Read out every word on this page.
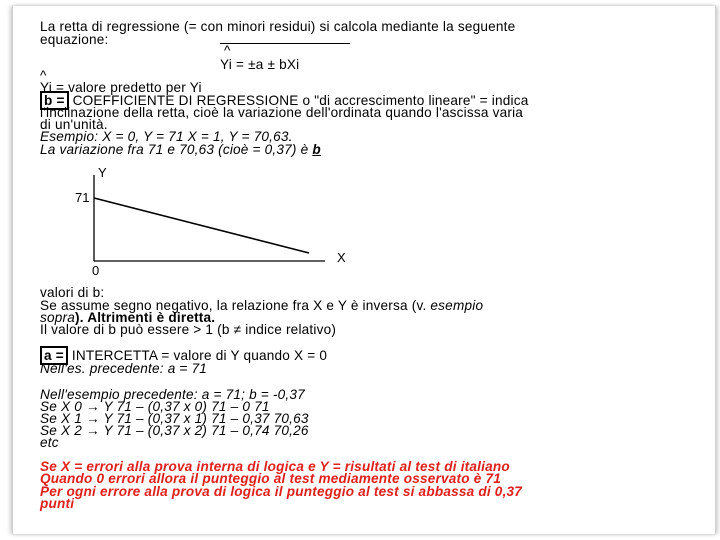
La retta di regressione (= con minori residui) si calcola mediante la seguente
equazione:
^
Yi = ±a ± bXi
^
Yi = valore predetto per Yi
b = COEFFICIENTE DI REGRESSIONE o "di accrescimento lineare" = indica
l'inclinazione della retta, cioè la variazione dell'ordinata quando l'ascissa varia
di un'unità.
Esempio: X = 0, Y = 71 X = 1, Y = 70,63.
La variazione fra 71 e 70,63 (cioè = 0,37) è b
Y
X
71
0
valori di b:
Se assume segno negativo, la relazione fra X e Y è inversa (v. esempio
sopra). Altrimenti è diretta.
Il valore di b può essere > 1 (b ≠ indice relativo)
a = INTERCETTA = valore di Y quando X = 0
Nell'es. precedente: a = 71
Nell'esempio precedente: a = 71; b = -0,37
Se X 0 → Y 71 – (0,37 x 0) 71 – 0 71
Se X 1 → Y 71 – (0,37 x 1) 71 – 0,37 70,63
Se X 2 → Y 71 – (0,37 x 2) 71 – 0,74 70,26
etc
Se X = errori alla prova interna di logica e Y = risultati al test di italiano
Quando 0 errori allora il punteggio al test mediamente osservato è 71
Per ogni errore alla prova di logica il punteggio al test si abbassa di 0,37
punti
